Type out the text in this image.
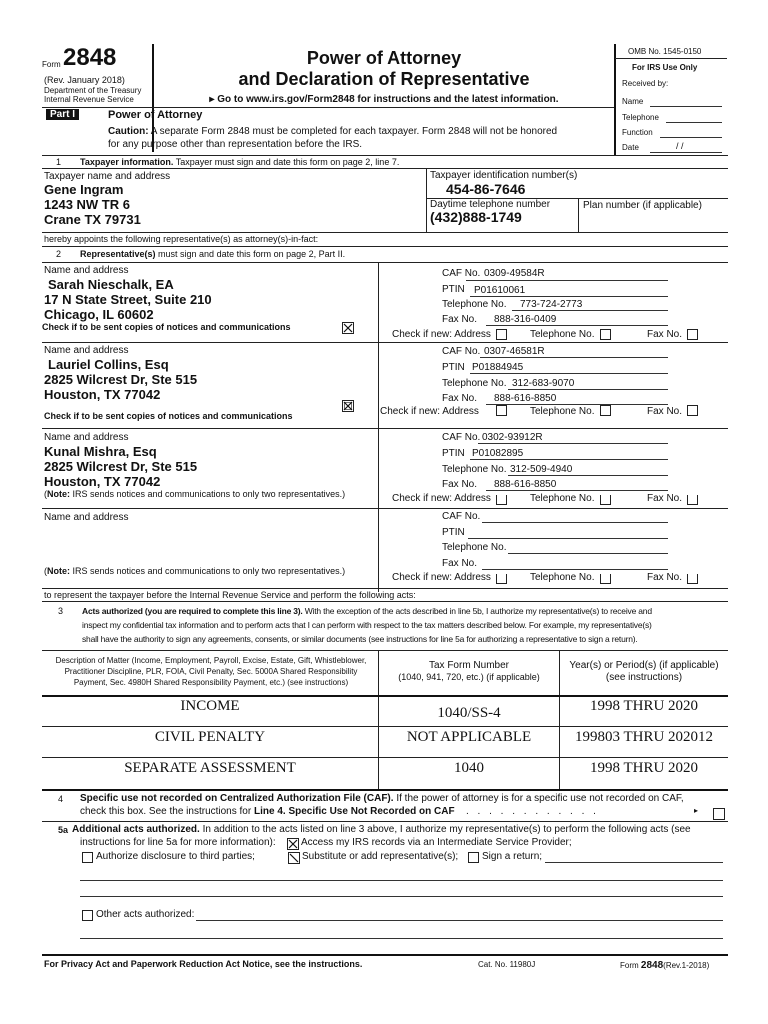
Form 2848
(Rev. January 2018)
Department of the Treasury
Internal Revenue Service
Power of Attorney
and Declaration of Representative
▸ Go to www.irs.gov/Form2848 for instructions and the latest information.
OMB No. 1545-0150
For IRS Use Only
Received by:
Name
Telephone
Function
Date	/ /
Part I	Power of Attorney
Caution: A separate Form 2848 must be completed for each taxpayer. Form 2848 will not be honored
for any purpose other than representation before the IRS.
1 Taxpayer information. Taxpayer must sign and date this form on page 2, line 7.
Taxpayer name and address
Gene Ingram
1243 NW TR 6
Crane TX 79731
Taxpayer identification number(s)
454-86-7646
Daytime telephone number
(432)888-1749
Plan number (if applicable)
hereby appoints the following representative(s) as attorney(s)-in-fact:
2 Representative(s) must sign and date this form on page 2, Part II.
Name and address
Sarah Nieschalk, EA
17 N State Street, Suite 210
Chicago, IL 60602
Check if to be sent copies of notices and communications
CAF No. 0309-49584R
PTIN P01610061
Telephone No. 773-724-2773
Fax No. 888-316-0409
Check if new: Address	Telephone No.	Fax No.
Name and address
Lauriel Collins, Esq
2825 Wilcrest Dr, Ste 515
Houston, TX 77042
Check if to be sent copies of notices and communications
CAF No. 0307-46581R
PTIN P01884945
Telephone No. 312-683-9070
Fax No. 888-616-8850
Check if new: Address	Telephone No.	Fax No.
Name and address
Kunal Mishra, Esq
2825 Wilcrest Dr, Ste 515
Houston, TX 77042
(Note: IRS sends notices and communications to only two representatives.)
CAF No. 0302-93912R
PTIN P01082895
Telephone No. 312-509-4940
Fax No. 888-616-8850
Check if new: Address	Telephone No.	Fax No.
Name and address
(Note: IRS sends notices and communications to only two representatives.)
CAF No.
PTIN
Telephone No.
Fax No.
Check if new: Address	Telephone No.	Fax No.
to represent the taxpayer before the Internal Revenue Service and perform the following acts:
3 Acts authorized (you are required to complete this line 3). With the exception of the acts described in line 5b, I authorize my representative(s) to receive and
inspect my confidential tax information and to perform acts that I can perform with respect to the tax matters described below. For example, my representative(s)
shall have the authority to sign any agreements, consents, or similar documents (see instructions for line 5a for authorizing a representative to sign a return).
Description of Matter (Income, Employment, Payroll, Excise, Estate, Gift, Whistleblower,
Practitioner Discipline, PLR, FOIA, Civil Penalty, Sec. 5000A Shared Responsibility
Payment, Sec. 4980H Shared Responsibility Payment, etc.) (see instructions)
Tax Form Number
(1040, 941, 720, etc.) (if applicable)
Year(s) or Period(s) (if applicable)
(see instructions)
INCOME	1040/SS-4	1998 THRU 2020
CIVIL PENALTY	NOT APPLICABLE	199803 THRU 202012
SEPARATE ASSESSMENT	1040	1998 THRU 2020
4 Specific use not recorded on Centralized Authorization File (CAF). If the power of attorney is for a specific use not recorded on CAF,
check this box. See the instructions for Line 4. Specific Use Not Recorded on CAF . . . . . . . . . . . .	▸
5a Additional acts authorized. In addition to the acts listed on line 3 above, I authorize my representative(s) to perform the following acts (see
instructions for line 5a for more information):	Access my IRS records via an Intermediate Service Provider;
Authorize disclosure to third parties;	Substitute or add representative(s); Sign a return;
Other acts authorized:
For Privacy Act and Paperwork Reduction Act Notice, see the instructions.	Cat. No. 11980J	Form 2848(Rev.1-2018)
